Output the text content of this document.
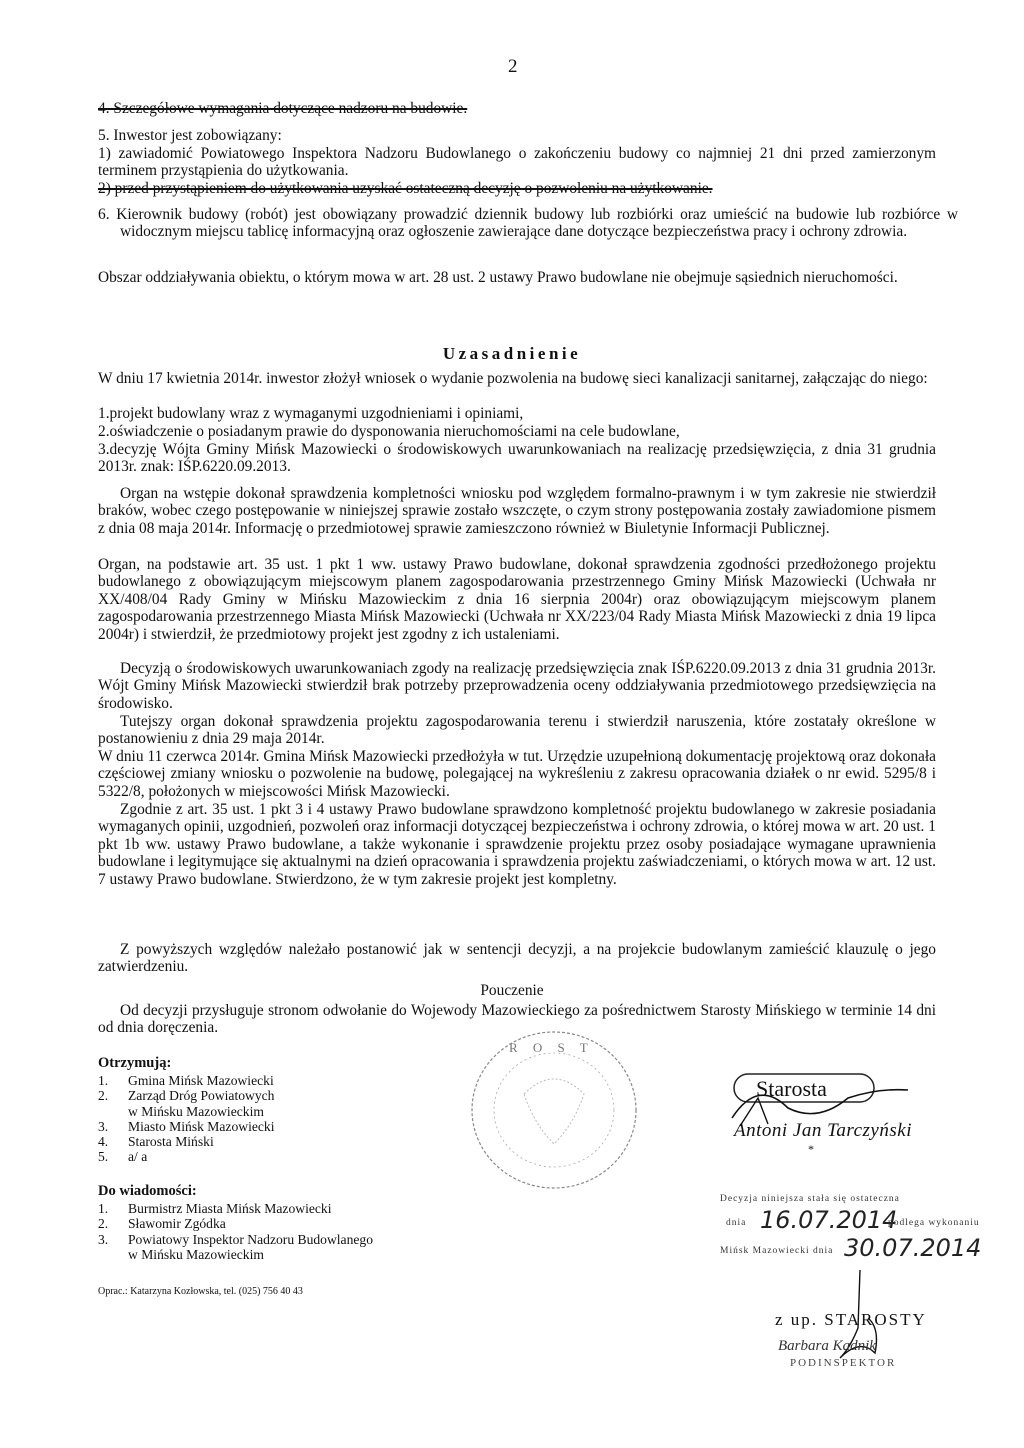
2
4. Szczegółowe wymagania dotyczące nadzoru na budowie.
5. Inwestor jest zobowiązany:
1) zawiadomić Powiatowego Inspektora Nadzoru Budowlanego o zakończeniu budowy co najmniej 21 dni przed zamierzonym terminem przystąpienia do użytkowania.
2) przed przystąpieniem do użytkowania uzyskać ostateczną decyzję o pozwoleniu na użytkowanie.
6. Kierownik budowy (robót) jest obowiązany prowadzić dziennik budowy lub rozbiórki oraz umieścić na budowie lub rozbiórce w widocznym miejscu tablicę informacyjną oraz ogłoszenie zawierające dane dotyczące bezpieczeństwa pracy i ochrony zdrowia.
Obszar oddziaływania obiektu, o którym mowa w art. 28 ust. 2 ustawy Prawo budowlane nie obejmuje sąsiednich nieruchomości.
Uzasadnienie
W dniu 17 kwietnia 2014r. inwestor złożył wniosek o wydanie pozwolenia na budowę sieci kanalizacji sanitarnej, załączając do niego:
1.projekt budowlany wraz z wymaganymi uzgodnieniami i opiniami,
2.oświadczenie o posiadanym prawie do dysponowania nieruchomościami na cele budowlane,
3.decyzję Wójta Gminy Mińsk Mazowiecki o środowiskowych uwarunkowaniach na realizację przedsięwzięcia, z dnia 31 grudnia 2013r. znak: IŚP.6220.09.2013.
Organ na wstępie dokonał sprawdzenia kompletności wniosku pod względem formalno-prawnym i w tym zakresie nie stwierdził braków, wobec czego postępowanie w niniejszej sprawie zostało wszczęte, o czym strony postępowania zostały zawiadomione pismem z dnia 08 maja 2014r. Informację o przedmiotowej sprawie zamieszczono również w Biuletynie Informacji Publicznej.
Organ, na podstawie art. 35 ust. 1 pkt 1 ww. ustawy Prawo budowlane, dokonał sprawdzenia zgodności przedłożonego projektu budowlanego z obowiązującym miejscowym planem zagospodarowania przestrzennego Gminy Mińsk Mazowiecki (Uchwała nr XX/408/04 Rady Gminy w Mińsku Mazowieckim z dnia 16 sierpnia 2004r) oraz obowiązującym miejscowym planem zagospodarowania przestrzennego Miasta Mińsk Mazowiecki (Uchwała nr XX/223/04 Rady Miasta Mińsk Mazowiecki z dnia 19 lipca 2004r) i stwierdził, że przedmiotowy projekt jest zgodny z ich ustaleniami.
Decyzją o środowiskowych uwarunkowaniach zgody na realizację przedsięwzięcia znak IŚP.6220.09.2013 z dnia 31 grudnia 2013r. Wójt Gminy Mińsk Mazowiecki stwierdził brak potrzeby przeprowadzenia oceny oddziaływania przedmiotowego przedsięwzięcia na środowisko.
Tutejszy organ dokonał sprawdzenia projektu zagospodarowania terenu i stwierdził naruszenia, które zostatały określone w postanowieniu z dnia 29 maja 2014r.
W dniu 11 czerwca 2014r. Gmina Mińsk Mazowiecki przedłożyła w tut. Urzędzie uzupełnioną dokumentację projektową oraz dokonała częściowej zmiany wniosku o pozwolenie na budowę, polegającej na wykreśleniu z zakresu opracowania działek o nr ewid. 5295/8 i 5322/8, położonych w miejscowości Mińsk Mazowiecki.
Zgodnie z art. 35 ust. 1 pkt 3 i 4 ustawy Prawo budowlane sprawdzono kompletność projektu budowlanego w zakresie posiadania wymaganych opinii, uzgodnień, pozwoleń oraz informacji dotyczącej bezpieczeństwa i ochrony zdrowia, o której mowa w art. 20 ust. 1 pkt 1b ww. ustawy Prawo budowlane, a także wykonanie i sprawdzenie projektu przez osoby posiadające wymagane uprawnienia budowlane i legitymujące się aktualnymi na dzień opracowania i sprawdzenia projektu zaświadczeniami, o których mowa w art. 12 ust. 7 ustawy Prawo budowlane. Stwierdzono, że w tym zakresie projekt jest kompletny.
Z powyższych względów należało postanowić jak w sentencji decyzji, a na projekcie budowlanym zamieścić klauzulę o jego zatwierdzeniu.
Pouczenie
Od decyzji przysługuje stronom odwołanie do Wojewody Mazowieckiego za pośrednictwem Starosty Mińskiego w terminie 14 dni od dnia doręczenia.
Otrzymują:
1.	Gmina Mińsk Mazowiecki
2.	Zarząd Dróg Powiatowych
w Mińsku Mazowieckim
3.	Miasto Mińsk Mazowiecki
4.	Starosta Miński
5.	a/ a
Do wiadomości:
1.	Burmistrz Miasta Mińsk Mazowiecki
2.	Sławomir Zgódka
3.	Powiatowy Inspektor Nadzoru Budowlanego
w Mińsku Mazowieckim
Oprac.: Katarzyna Kozłowska, tel. (025) 756 40 43
R O S T
Starosta
Antoni Jan Tarczyński
*
Decyzja niniejsza stała się ostateczna
dnia 16.07.2014
podlega wykonaniu
Mińsk Mazowiecki dnia 30.07.2014
z up. STAROSTY
Barbara Kadnik
PODINSPEKTOR
